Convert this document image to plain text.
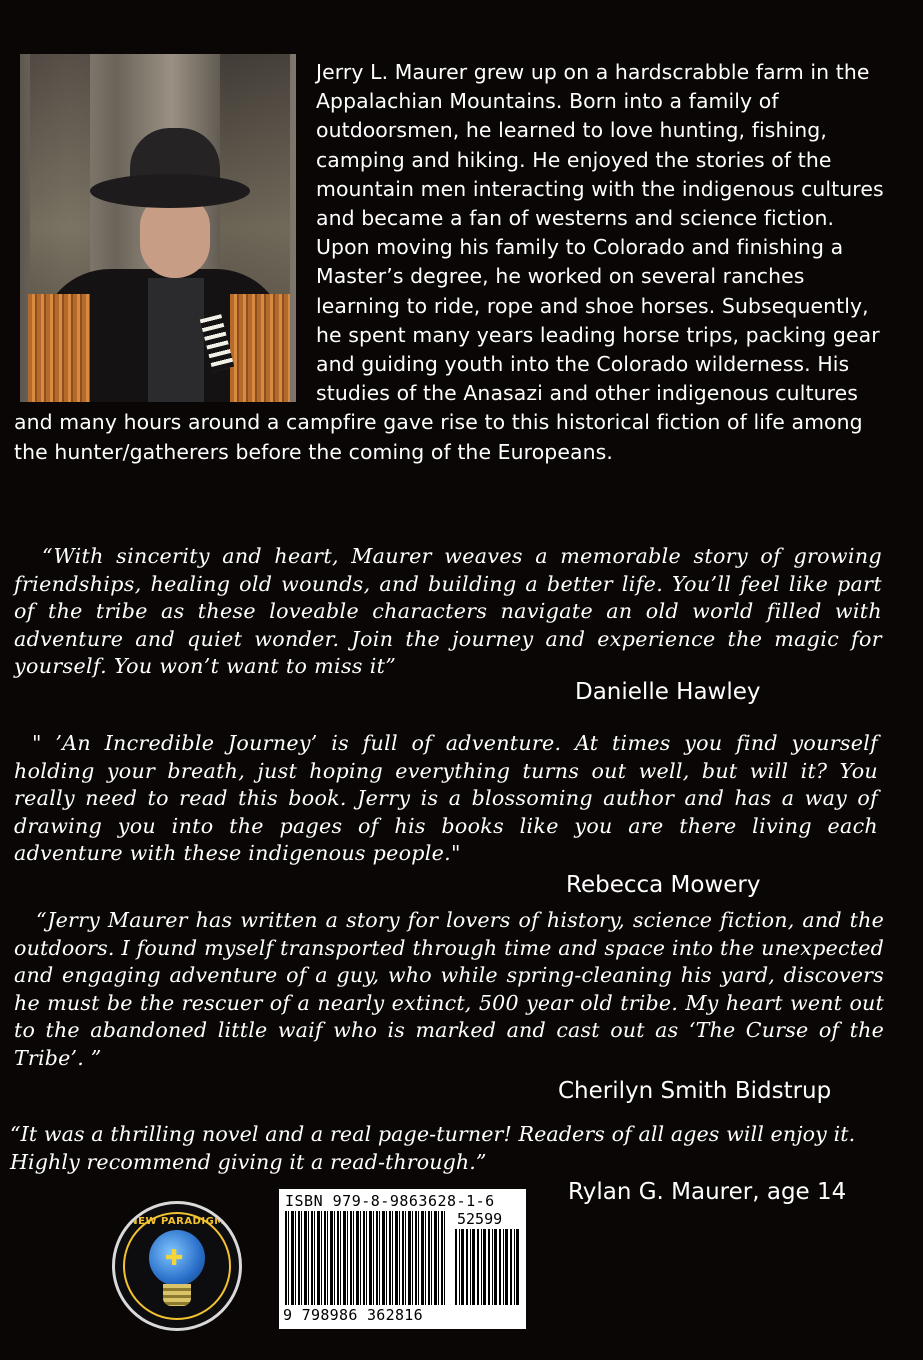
Jerry L. Maurer grew up on a hardscrabble farm in the Appalachian Mountains. Born into a family of outdoorsmen, he learned to love hunting, fishing, camping and hiking. He enjoyed the stories of the mountain men interacting with the indigenous cultures and became a fan of westerns and science fiction. Upon moving his family to Colorado and finishing a Master’s degree, he worked on several ranches learning to ride, rope and shoe horses. Subsequently, he spent many years leading horse trips, packing gear and guiding youth into the Colorado wilderness. His studies of the Anasazi and other indigenous cultures and many hours around a campfire gave rise to this historical fiction of life among the hunter/gatherers before the coming of the Europeans.

“With sincerity and heart, Maurer weaves a memorable story of growing friendships, healing old wounds, and building a better life. You’ll feel like part of the tribe as these loveable characters navigate an old world filled with adventure and quiet wonder. Join the journey and experience the magic for yourself. You won’t want to miss it”
Danielle Hawley
" ’An Incredible Journey’ is full of adventure. At times you find yourself holding your breath, just hoping everything turns out well, but will it? You really need to read this book. Jerry is a blossoming author and has a way of drawing you into the pages of his books like you are there living each adventure with these indigenous people."
Rebecca Mowery
“Jerry Maurer has written a story for lovers of history, science fiction, and the outdoors. I found myself transported through time and space into the unexpected and engaging adventure of a guy, who while spring-cleaning his yard, discovers he must be the rescuer of a nearly extinct, 500 year old tribe. My heart went out to the abandoned little waif who is marked and cast out as ‘The Curse of the Tribe’. ”
Cherilyn Smith Bidstrup
“It was a thrilling novel and a real page-turner! Readers of all ages will enjoy it. Highly recommend giving it a read-through.”
Rylan G. Maurer, age 14
NEW PARADIGM
✚
ISBN 979-8-9863628-1-6
52599
9 798986 362816
